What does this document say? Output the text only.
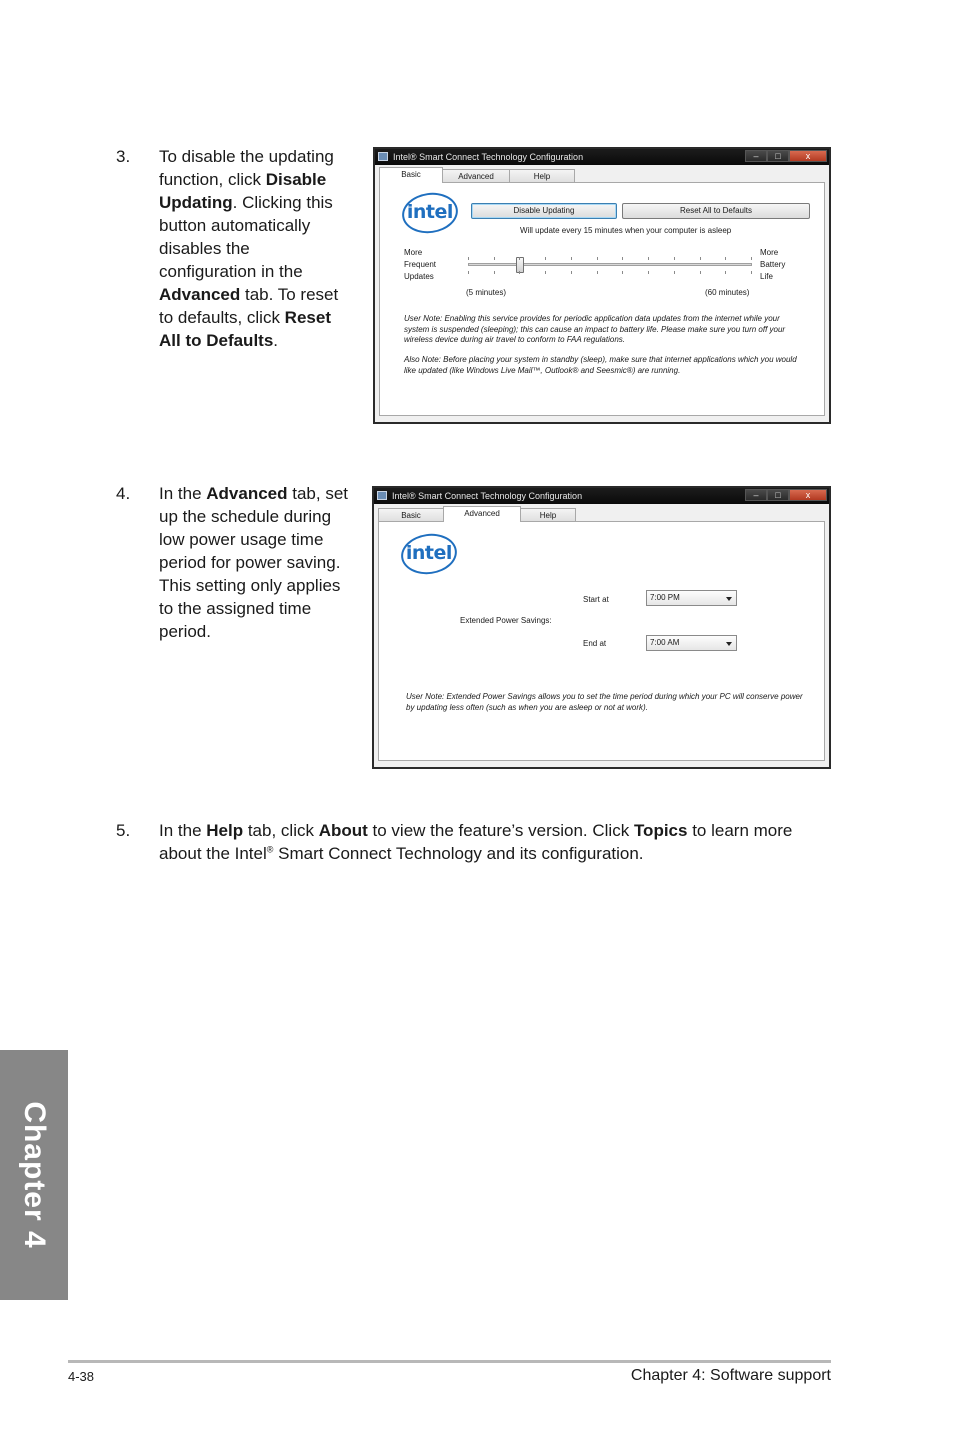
3. To disable the updating function, click Disable Updating. Clicking this button automatically disables the configuration in the Advanced tab. To reset to defaults, click Reset All to Defaults.
Intel® Smart Connect Technology Configuration	–	□	x
Basic	Advanced	Help
intel	Disable Updating	Reset All to Defaults
Will update every 15 minutes when your computer is asleep
More
Frequent
Updates
More
Battery
Life
(5 minutes)	(60 minutes)
User Note: Enabling this service provides for periodic application data updates from the internet while your system is suspended (sleeping); this can cause an impact to battery life. Please make sure you turn off your wireless device during air travel to conform to FAA regulations.
Also Note: Before placing your system in standby (sleep), make sure that internet applications which you would like updated (like Windows Live Mail™, Outlook® and Seesmic®) are running.
4. In the Advanced tab, set up the schedule during low power usage time period for power saving. This setting only applies to the assigned time period.
Intel® Smart Connect Technology Configuration	–	□	x
Basic	Advanced	Help
intel
Start at	7:00 PM
Extended Power Savings:
End at	7:00 AM
User Note: Extended Power Savings allows you to set the time period during which your PC will conserve power by updating less often (such as when you are asleep or not at work).
5. In the Help tab, click About to view the feature’s version. Click Topics to learn more about the Intel® Smart Connect Technology and its configuration.
Chapter 4
4-38	Chapter 4: Software support
